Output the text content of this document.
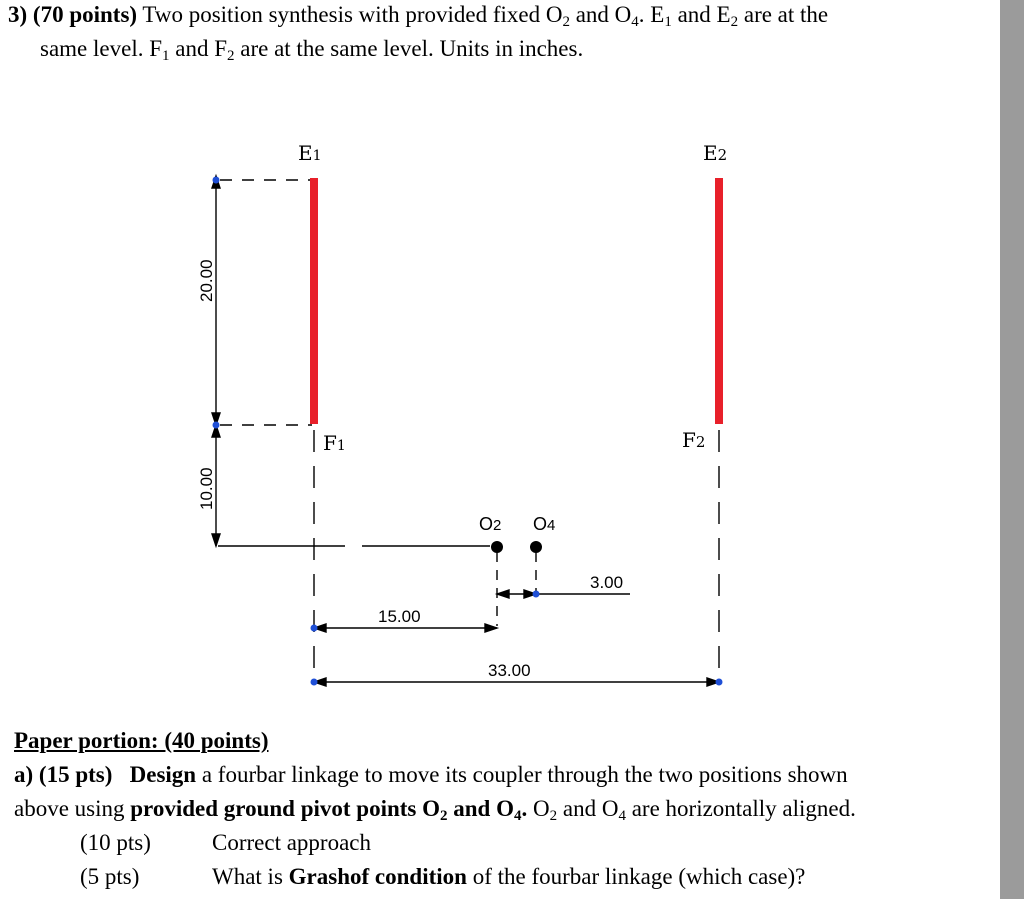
3) (70 points) Two position synthesis with provided fixed $O_2$ and $O_4$. $E_1$ and $E_2$ are at the
same level. $F_1$ and $F_2$ are at the same level. Units in inches.
E1	E2
F1	F2
O2 O4
20.00
10.00
3.00
15.00
33.00
Paper portion: (40 points)
a) (15 pts) Design a fourbar linkage to move its coupler through the two positions shown
above using provided ground pivot points $O_2$ and $O_4$. $O_2$ and $O_4$ are horizontally aligned.
(10 pts)	Correct approach
(5 pts)	What is Grashof condition of the fourbar linkage (which case)?
